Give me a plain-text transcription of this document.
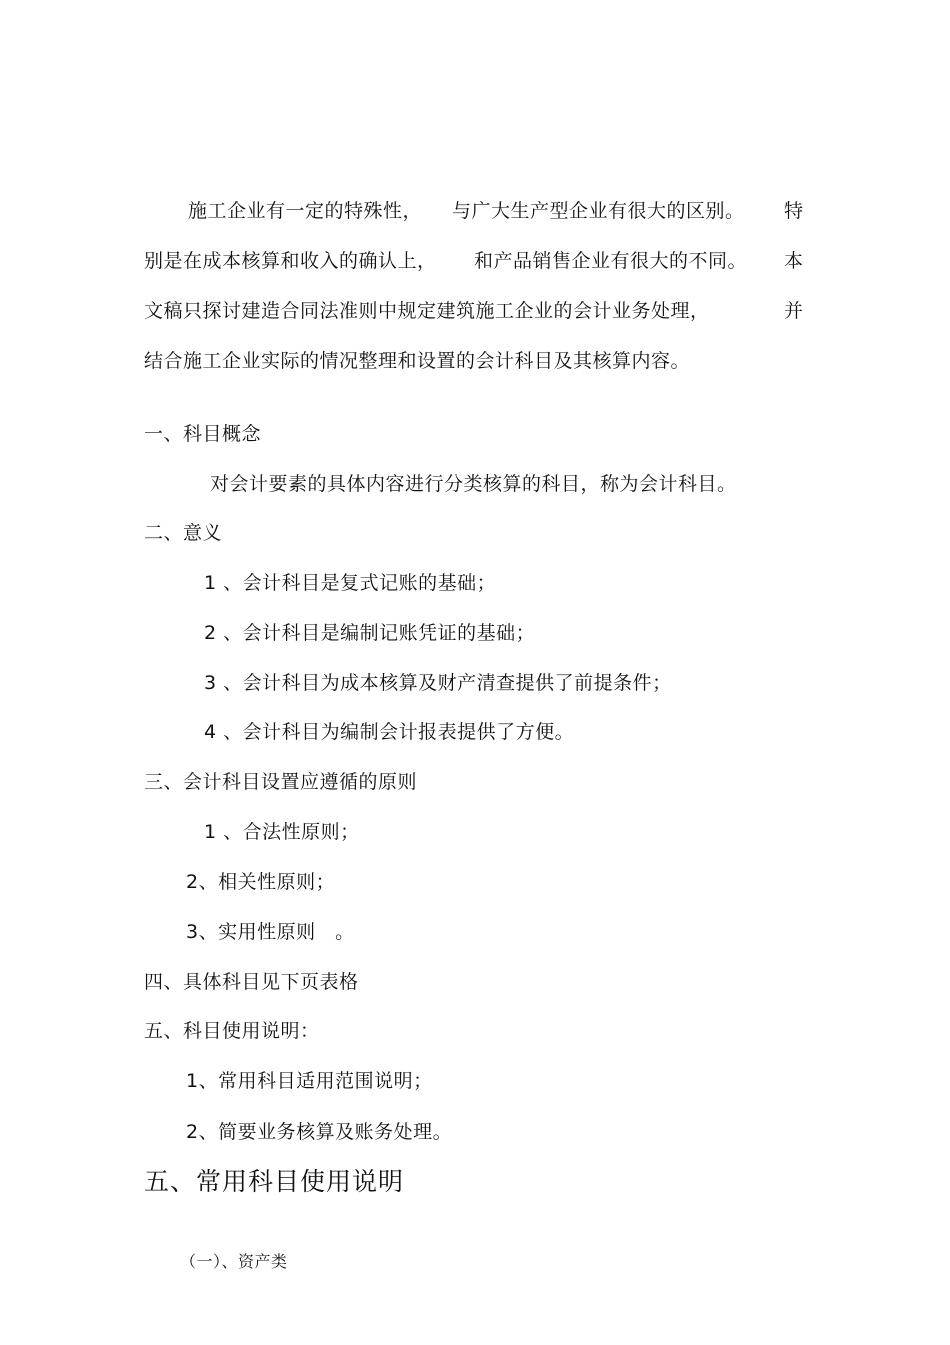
施工企业有一定的特殊性， 与广大生产型企业有很大的区别。 特
别是在成本核算和收入的确认上， 和产品销售企业有很大的不同。 本
文稿只探讨建造合同法准则中规定建筑施工企业的会计业务处理，	并
结合施工企业实际的情况整理和设置的会计科目及其核算内容。
一、科目概念
对会计要素的具体内容进行分类核算的科目，称为会计科目。
二、意义
1 、会计科目是复式记账的基础；
2 、会计科目是编制记账凭证的基础；
3 、会计科目为成本核算及财产清查提供了前提条件；
4 、会计科目为编制会计报表提供了方便。
三、会计科目设置应遵循的原则
1 、合法性原则；
2、相关性原则；
3、实用性原则　。
四、具体科目见下页表格
五、科目使用说明：
1、常用科目适用范围说明；
2、简要业务核算及账务处理。
五、常用科目使用说明
（一）、资产类
